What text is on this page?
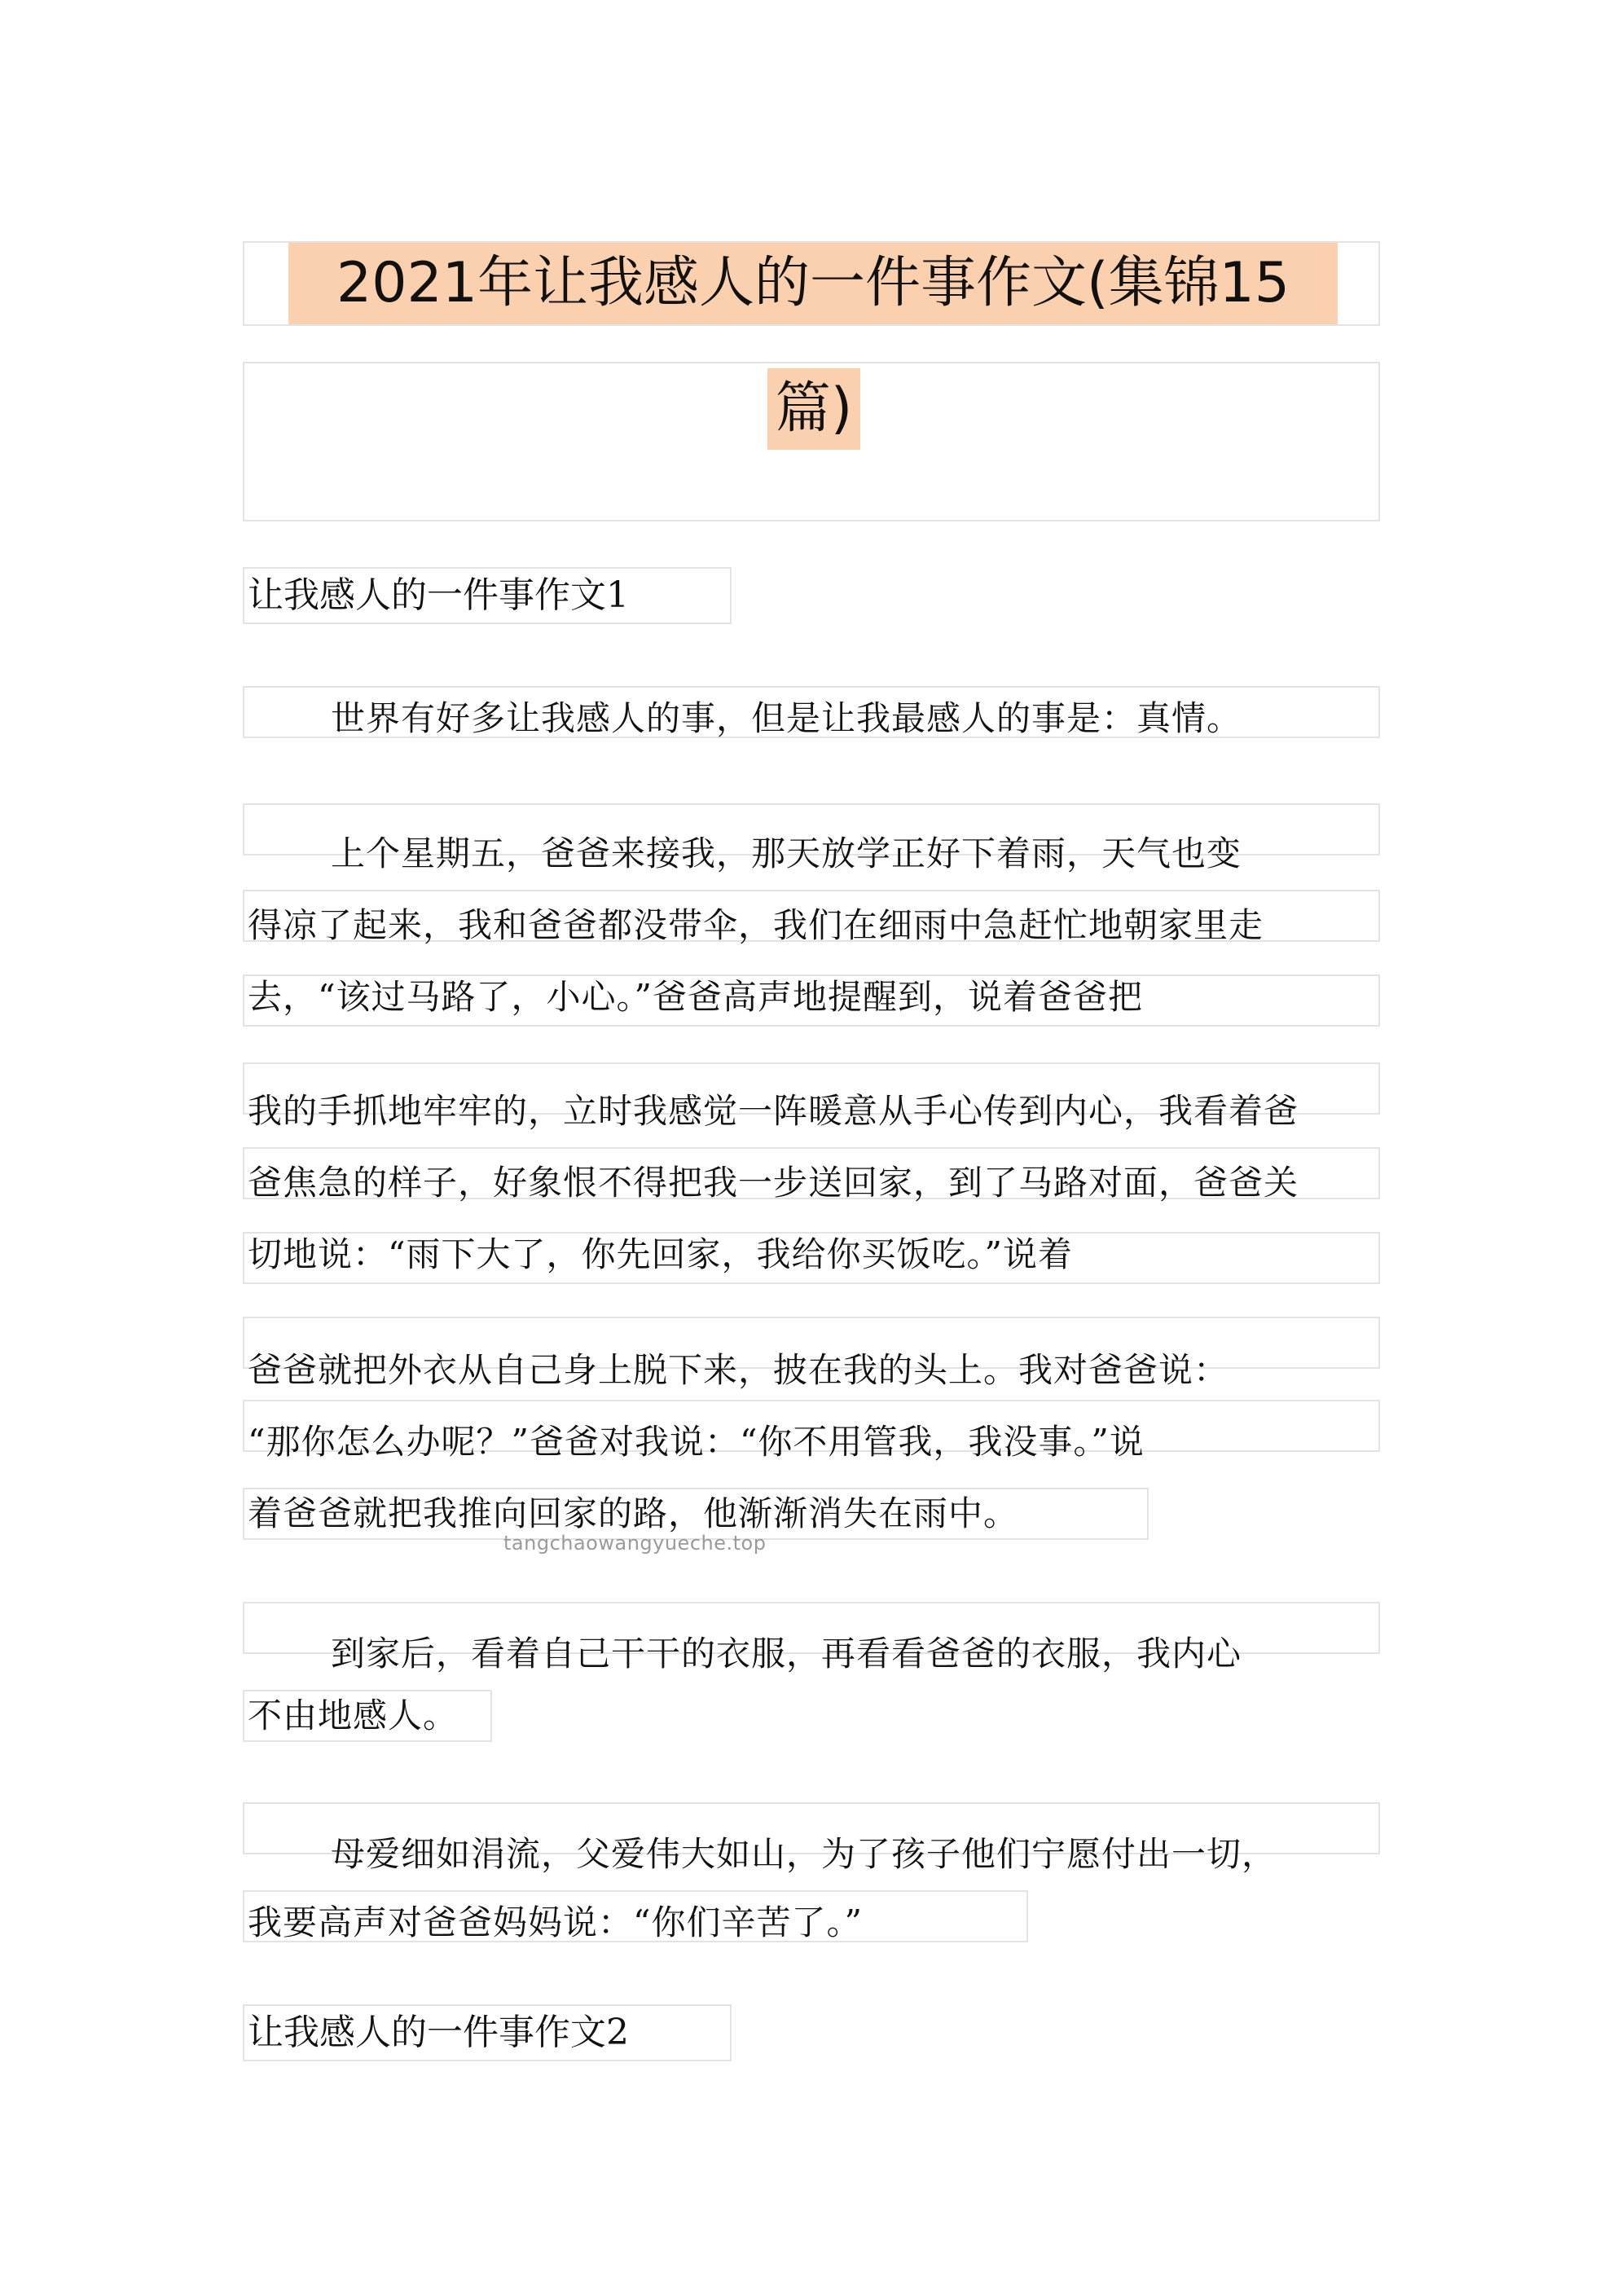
2021年让我感人的一件事作文(集锦15
篇)
让我感人的一件事作文1
世界有好多让我感人的事，但是让我最感人的事是：真情。
上个星期五，爸爸来接我，那天放学正好下着雨，天气也变
得凉了起来，我和爸爸都没带伞，我们在细雨中急赶忙地朝家里走
去，“该过马路了，小心。”爸爸高声地提醒到，说着爸爸把
我的手抓地牢牢的，立时我感觉一阵暖意从手心传到内心，我看着爸
爸焦急的样子，好象恨不得把我一步送回家，到了马路对面，爸爸关
切地说：“雨下大了，你先回家，我给你买饭吃。”说着
爸爸就把外衣从自己身上脱下来，披在我的头上。我对爸爸说：
“那你怎么办呢？”爸爸对我说：“你不用管我，我没事。”说
着爸爸就把我推向回家的路，他渐渐消失在雨中。
tangchaowangyueche.top
到家后，看着自己干干的衣服，再看看爸爸的衣服，我内心
不由地感人。
母爱细如涓流，父爱伟大如山，为了孩子他们宁愿付出一切，
我要高声对爸爸妈妈说：“你们辛苦了。”
让我感人的一件事作文2
